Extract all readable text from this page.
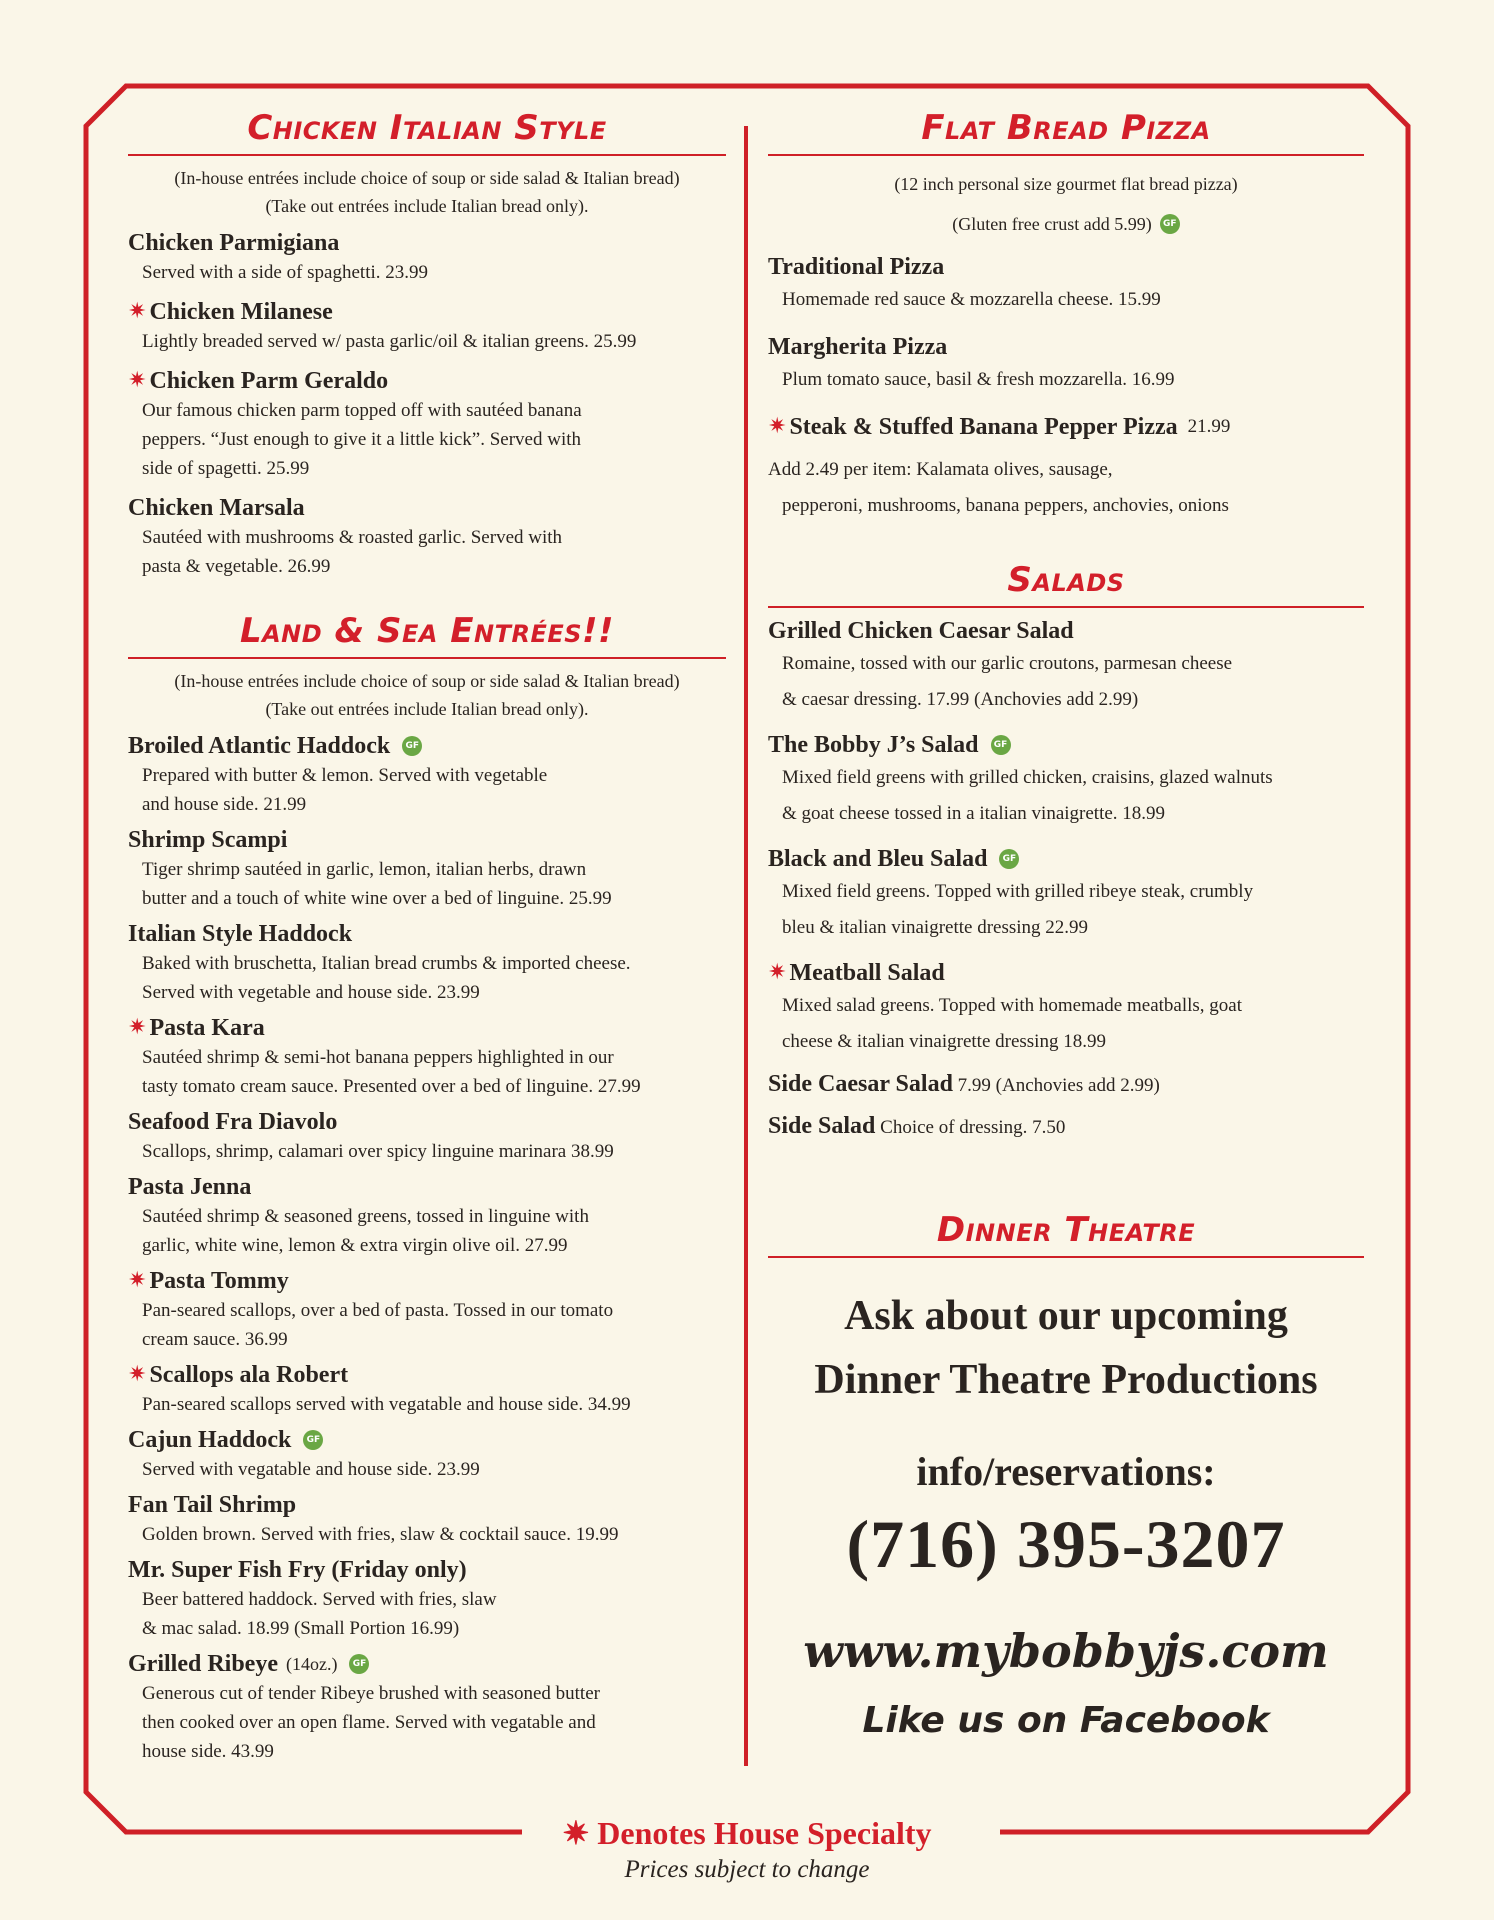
Chicken Italian Style
(In-house entrées include choice of soup or side salad & Italian bread)
(Take out entrées include Italian bread only).
Chicken Parmigiana
Served with a side of spaghetti. 23.99
✷ Chicken Milanese
Lightly breaded served w/ pasta garlic/oil & italian greens. 25.99
✷ Chicken Parm Geraldo
Our famous chicken parm topped off with sautéed banana
peppers. “Just enough to give it a little kick”. Served with
side of spagetti. 25.99
Chicken Marsala
Sautéed with mushrooms & roasted garlic. Served with
pasta & vegetable. 26.99
Land & Sea Entrées!!
(In-house entrées include choice of soup or side salad & Italian bread)
(Take out entrées include Italian bread only).
Broiled Atlantic Haddock	GF
Prepared with butter & lemon. Served with vegetable
and house side. 21.99
Shrimp Scampi
Tiger shrimp sautéed in garlic, lemon, italian herbs, drawn
butter and a touch of white wine over a bed of linguine. 25.99
Italian Style Haddock
Baked with bruschetta, Italian bread crumbs & imported cheese.
Served with vegetable and house side. 23.99
✷ Pasta Kara
Sautéed shrimp & semi-hot banana peppers highlighted in our
tasty tomato cream sauce. Presented over a bed of linguine. 27.99
Seafood Fra Diavolo
Scallops, shrimp, calamari over spicy linguine marinara 38.99
Pasta Jenna
Sautéed shrimp & seasoned greens, tossed in linguine with
garlic, white wine, lemon & extra virgin olive oil. 27.99
✷ Pasta Tommy
Pan-seared scallops, over a bed of pasta. Tossed in our tomato
cream sauce. 36.99
✷ Scallops ala Robert
Pan-seared scallops served with vegatable and house side. 34.99
Cajun Haddock	GF
Served with vegatable and house side. 23.99
Fan Tail Shrimp
Golden brown. Served with fries, slaw & cocktail sauce. 19.99
Mr. Super Fish Fry (Friday only)
Beer battered haddock. Served with fries, slaw
& mac salad. 18.99 (Small Portion 16.99)
Grilled Ribeye (14oz.)	GF
Generous cut of tender Ribeye brushed with seasoned butter
then cooked over an open flame. Served with vegatable and
house side. 43.99
Flat Bread Pizza
(12 inch personal size gourmet flat bread pizza)
(Gluten free crust add 5.99)	GF
Traditional Pizza
Homemade red sauce & mozzarella cheese. 15.99
Margherita Pizza
Plum tomato sauce, basil & fresh mozzarella. 16.99
✷ Steak & Stuffed Banana Pepper Pizza 21.99
Add 2.49 per item: Kalamata olives, sausage,
pepperoni, mushrooms, banana peppers, anchovies, onions
Salads
Grilled Chicken Caesar Salad
Romaine, tossed with our garlic croutons, parmesan cheese
& caesar dressing. 17.99 (Anchovies add 2.99)
The Bobby J’s Salad	GF
Mixed field greens with grilled chicken, craisins, glazed walnuts
& goat cheese tossed in a italian vinaigrette. 18.99
Black and Bleu Salad	GF
Mixed field greens. Topped with grilled ribeye steak, crumbly
bleu & italian vinaigrette dressing 22.99
✷ Meatball Salad
Mixed salad greens. Topped with homemade meatballs, goat
cheese & italian vinaigrette dressing 18.99
Side Caesar Salad 7.99 (Anchovies add 2.99)
Side Salad Choice of dressing. 7.50
Dinner Theatre
Ask about our upcoming
Dinner Theatre Productions
info/reservations:
(716) 395-3207
www.mybobbyjs.com
Like us on Facebook
✷ Denotes House Specialty
Prices subject to change
